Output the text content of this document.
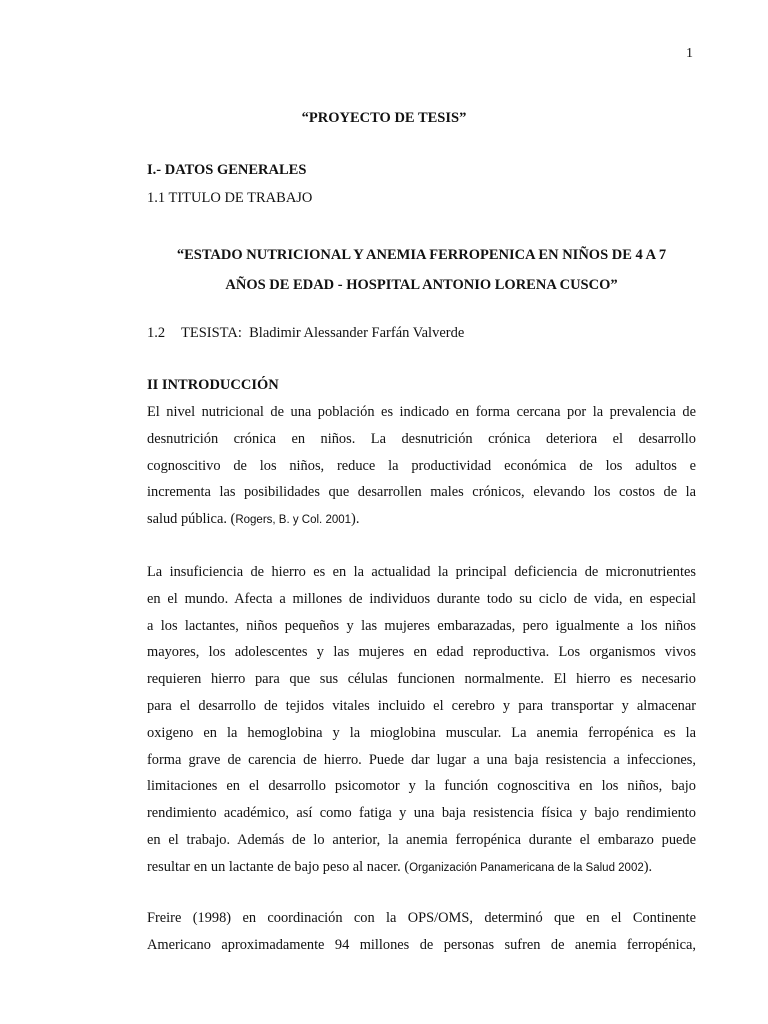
1
“PROYECTO DE TESIS”
I.- DATOS GENERALES
1.1 TITULO DE TRABAJO
“ESTADO NUTRICIONAL Y ANEMIA FERROPENICA EN NIÑOS DE 4 A 7
AÑOS DE EDAD - HOSPITAL ANTONIO LORENA CUSCO”
1.2 TESISTA: Bladimir Alessander Farfán Valverde
II INTRODUCCIÓN
El nivel nutricional de una población es indicado en forma cercana por la prevalencia de
desnutrición crónica en niños. La desnutrición crónica deteriora el desarrollo
cognoscitivo de los niños, reduce la productividad económica de los adultos e
incrementa las posibilidades que desarrollen males crónicos, elevando los costos de la
salud pública. (Rogers, B. y Col. 2001).
La insuficiencia de hierro es en la actualidad la principal deficiencia de micronutrientes
en el mundo. Afecta a millones de individuos durante todo su ciclo de vida, en especial
a los lactantes, niños pequeños y las mujeres embarazadas, pero igualmente a los niños
mayores, los adolescentes y las mujeres en edad reproductiva. Los organismos vivos
requieren hierro para que sus células funcionen normalmente. El hierro es necesario
para el desarrollo de tejidos vitales incluido el cerebro y para transportar y almacenar
oxigeno en la hemoglobina y la mioglobina muscular. La anemia ferropénica es la
forma grave de carencia de hierro. Puede dar lugar a una baja resistencia a infecciones,
limitaciones en el desarrollo psicomotor y la función cognoscitiva en los niños, bajo
rendimiento académico, así como fatiga y una baja resistencia física y bajo rendimiento
en el trabajo. Además de lo anterior, la anemia ferropénica durante el embarazo puede
resultar en un lactante de bajo peso al nacer. (Organización Panamericana de la Salud 2002).
Freire (1998) en coordinación con la OPS/OMS, determinó que en el Continente
Americano aproximadamente 94 millones de personas sufren de anemia ferropénica,
